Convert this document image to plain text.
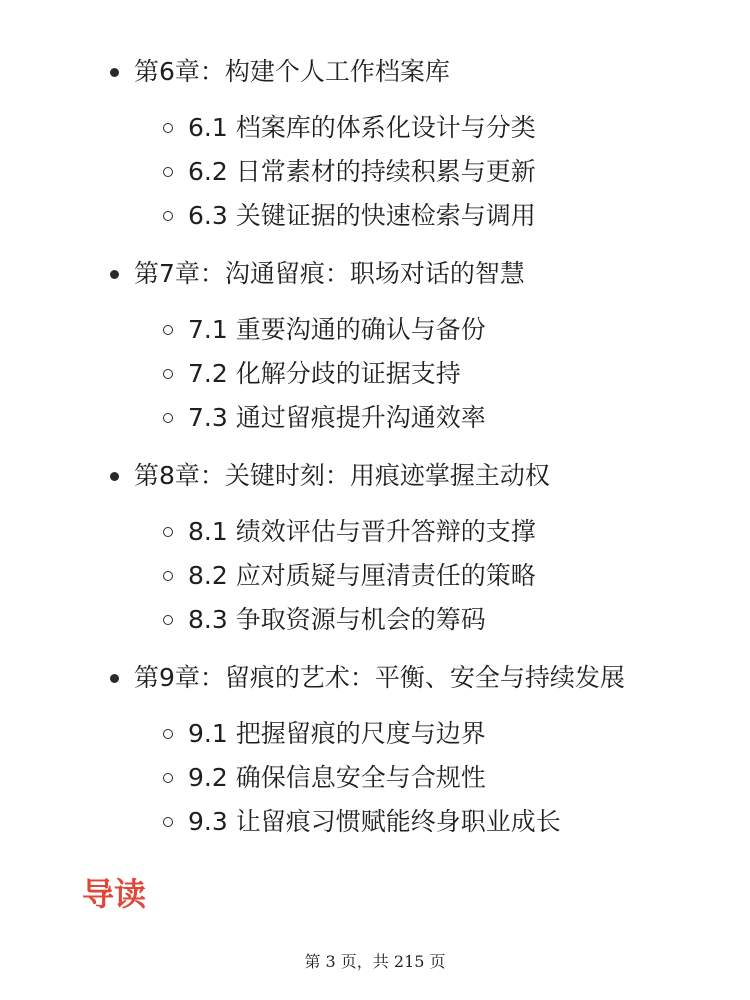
第6章：构建个人工作档案库
6.1 档案库的体系化设计与分类
6.2 日常素材的持续积累与更新
6.3 关键证据的快速检索与调用
第7章：沟通留痕：职场对话的智慧
7.1 重要沟通的确认与备份
7.2 化解分歧的证据支持
7.3 通过留痕提升沟通效率
第8章：关键时刻：用痕迹掌握主动权
8.1 绩效评估与晋升答辩的支撑
8.2 应对质疑与厘清责任的策略
8.3 争取资源与机会的筹码
第9章：留痕的艺术：平衡、安全与持续发展
9.1 把握留痕的尺度与边界
9.2 确保信息安全与合规性
9.3 让留痕习惯赋能终身职业成长
导读
第 3 页，共 215 页
